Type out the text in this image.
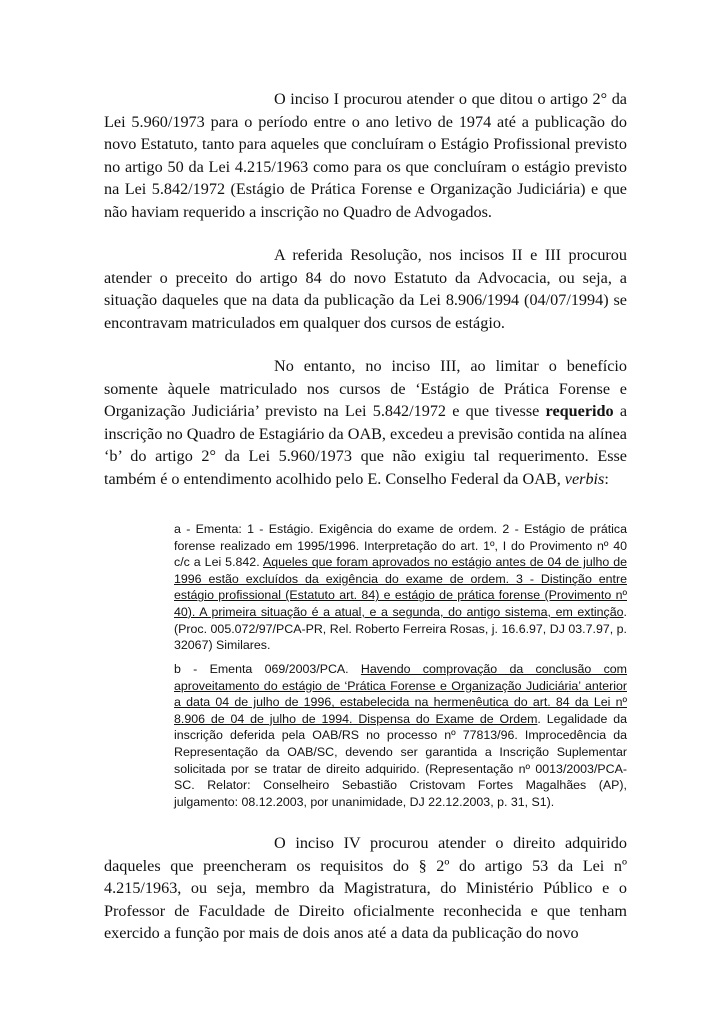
O inciso I procurou atender o que ditou o artigo 2° da Lei 5.960/1973 para o período entre o ano letivo de 1974 até a publicação do novo Estatuto, tanto para aqueles que concluíram o Estágio Profissional previsto no artigo 50 da Lei 4.215/1963 como para os que concluíram o estágio previsto na Lei 5.842/1972 (Estágio de Prática Forense e Organização Judiciária) e que não haviam requerido a inscrição no Quadro de Advogados.

A referida Resolução, nos incisos II e III procurou atender o preceito do artigo 84 do novo Estatuto da Advocacia, ou seja, a situação daqueles que na data da publicação da Lei 8.906/1994 (04/07/1994) se encontravam matriculados em qualquer dos cursos de estágio.

No entanto, no inciso III, ao limitar o benefício somente àquele matriculado nos cursos de ‘Estágio de Prática Forense e Organização Judiciária’ previsto na Lei 5.842/1972 e que tivesse requerido a inscrição no Quadro de Estagiário da OAB, excedeu a previsão contida na alínea ‘b’ do artigo 2° da Lei 5.960/1973 que não exigiu tal requerimento. Esse também é o entendimento acolhido pelo E. Conselho Federal da OAB, verbis:

a - Ementa: 1 - Estágio. Exigência do exame de ordem. 2 - Estágio de prática forense realizado em 1995/1996. Interpretação do art. 1º, I do Provimento nº 40 c/c a Lei 5.842. Aqueles que foram aprovados no estágio antes de 04 de julho de 1996 estão excluídos da exigência do exame de ordem. 3 - Distinção entre estágio profissional (Estatuto art. 84) e estágio de prática forense (Provimento nº 40). A primeira situação é a atual, e a segunda, do antigo sistema, em extinção. (Proc. 005.072/97/PCA-PR, Rel. Roberto Ferreira Rosas, j. 16.6.97, DJ 03.7.97, p. 32067) Similares.

b - Ementa 069/2003/PCA. Havendo comprovação da conclusão com aproveitamento do estágio de ‘Prática Forense e Organização Judiciária’ anterior a data 04 de julho de 1996, estabelecida na hermenêutica do art. 84 da Lei nº 8.906 de 04 de julho de 1994. Dispensa do Exame de Ordem. Legalidade da inscrição deferida pela OAB/RS no processo nº 77813/96. Improcedência da Representação da OAB/SC, devendo ser garantida a Inscrição Suplementar solicitada por se tratar de direito adquirido. (Representação nº 0013/2003/PCA-SC. Relator: Conselheiro Sebastião Cristovam Fortes Magalhães (AP), julgamento: 08.12.2003, por unanimidade, DJ 22.12.2003, p. 31, S1).

O inciso IV procurou atender o direito adquirido daqueles que preencheram os requisitos do § 2º do artigo 53 da Lei nº 4.215/1963, ou seja, membro da Magistratura, do Ministério Público e o Professor de Faculdade de Direito oficialmente reconhecida e que tenham exercido a função por mais de dois anos até a data da publicação do novo
